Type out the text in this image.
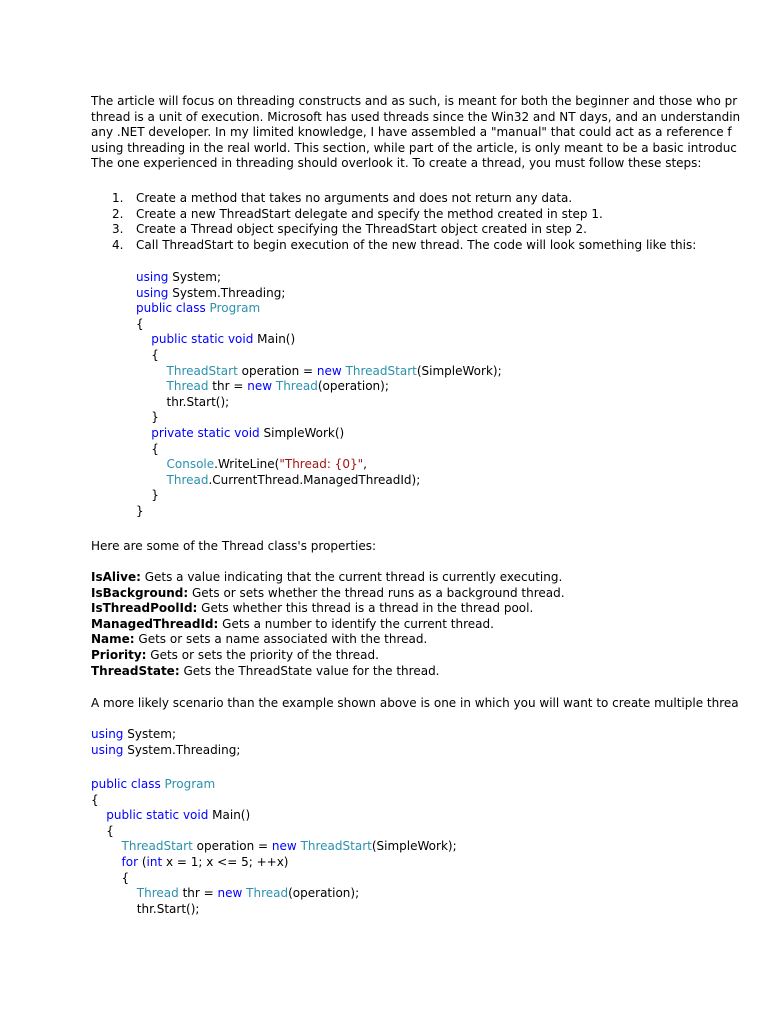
The article will focus on threading constructs and as such, is meant for both the beginner and those who pr
thread is a unit of execution. Microsoft has used threads since the Win32 and NT days, and an understandin
any .NET developer. In my limited knowledge, I have assembled a "manual" that could act as a reference f
using threading in the real world. This section, while part of the article, is only meant to be a basic introduc
The one experienced in threading should overlook it. To create a thread, you must follow these steps:
1. Create a method that takes no arguments and does not return any data.
2. Create a new ThreadStart delegate and specify the method created in step 1.
3. Create a Thread object specifying the ThreadStart object created in step 2.
4. Call ThreadStart to begin execution of the new thread. The code will look something like this:
using System;
using System.Threading;
public class Program
{
public static void Main()
{
ThreadStart operation = new ThreadStart(SimpleWork);
Thread thr = new Thread(operation);
thr.Start();
}
private static void SimpleWork()
{
Console.WriteLine("Thread: {0}",
Thread.CurrentThread.ManagedThreadId);
}
}
Here are some of the Thread class's properties:
IsAlive: Gets a value indicating that the current thread is currently executing.
IsBackground: Gets or sets whether the thread runs as a background thread.
IsThreadPoolId: Gets whether this thread is a thread in the thread pool.
ManagedThreadId: Gets a number to identify the current thread.
Name: Gets or sets a name associated with the thread.
Priority: Gets or sets the priority of the thread.
ThreadState: Gets the ThreadState value for the thread.
A more likely scenario than the example shown above is one in which you will want to create multiple threa
using System;
using System.Threading;
public class Program
{
public static void Main()
{
ThreadStart operation = new ThreadStart(SimpleWork);
for (int x = 1; x <= 5; ++x)
{
Thread thr = new Thread(operation);
thr.Start();
